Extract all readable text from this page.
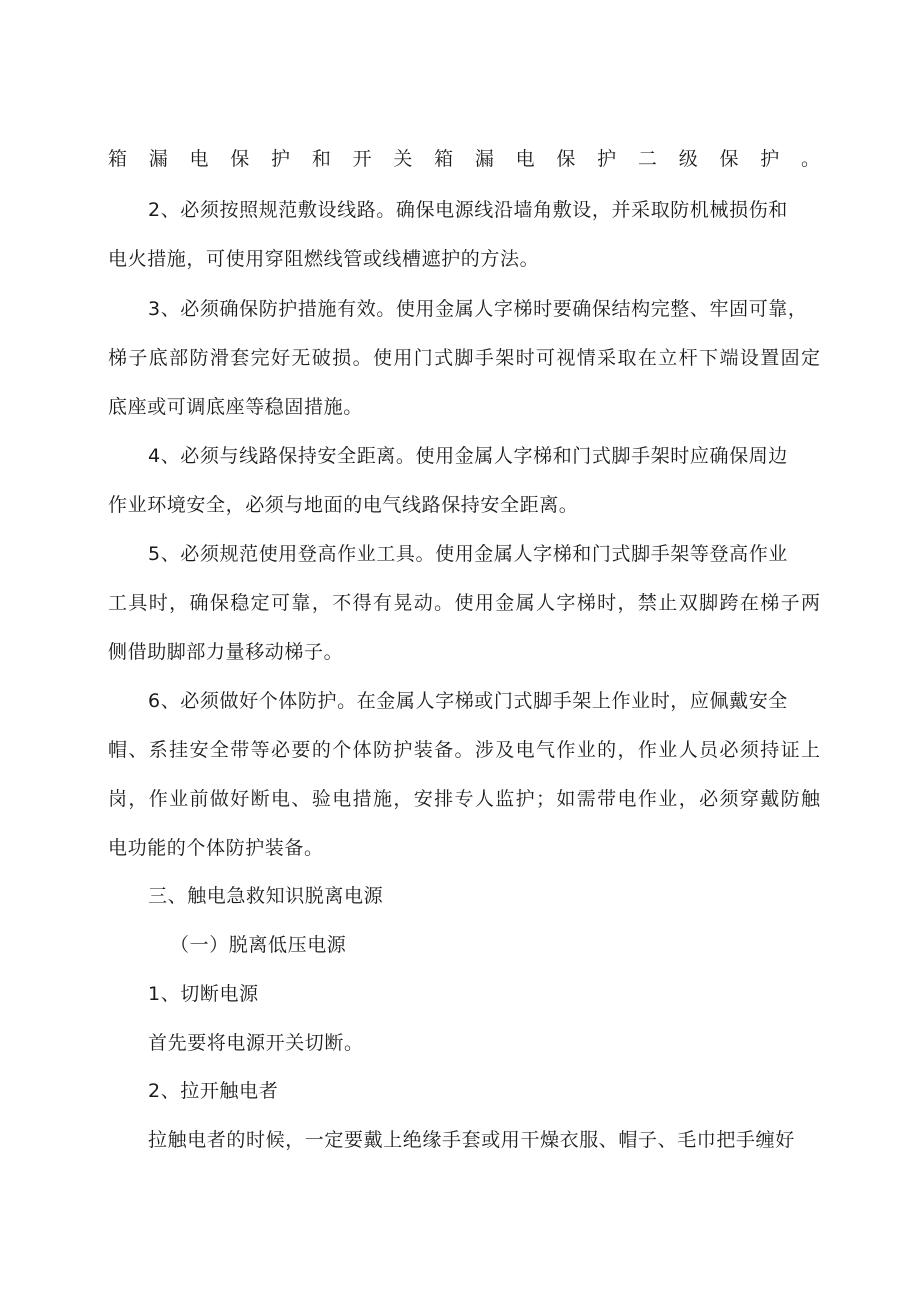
箱漏电保护和开关箱漏电保护二级保护。

2、必须按照规范敷设线路。确保电源线沿墙角敷设，并采取防机械损伤和

电火措施，可使用穿阻燃线管或线槽遮护的方法。

3、必须确保防护措施有效。使用金属人字梯时要确保结构完整、牢固可靠，

梯子底部防滑套完好无破损。使用门式脚手架时可视情采取在立杆下端设置固定

底座或可调底座等稳固措施。

4、必须与线路保持安全距离。使用金属人字梯和门式脚手架时应确保周边

作业环境安全，必须与地面的电气线路保持安全距离。

5、必须规范使用登高作业工具。使用金属人字梯和门式脚手架等登高作业

工具时，确保稳定可靠，不得有晃动。使用金属人字梯时，禁止双脚跨在梯子两

侧借助脚部力量移动梯子。

6、必须做好个体防护。在金属人字梯或门式脚手架上作业时，应佩戴安全

帽、系挂安全带等必要的个体防护装备。涉及电气作业的，作业人员必须持证上

岗，作业前做好断电、验电措施，安排专人监护；如需带电作业，必须穿戴防触

电功能的个体防护装备。

三、触电急救知识脱离电源

（一）脱离低压电源

1、切断电源

首先要将电源开关切断。

2、拉开触电者

拉触电者的时候，一定要戴上绝缘手套或用干燥衣服、帽子、毛巾把手缠好
